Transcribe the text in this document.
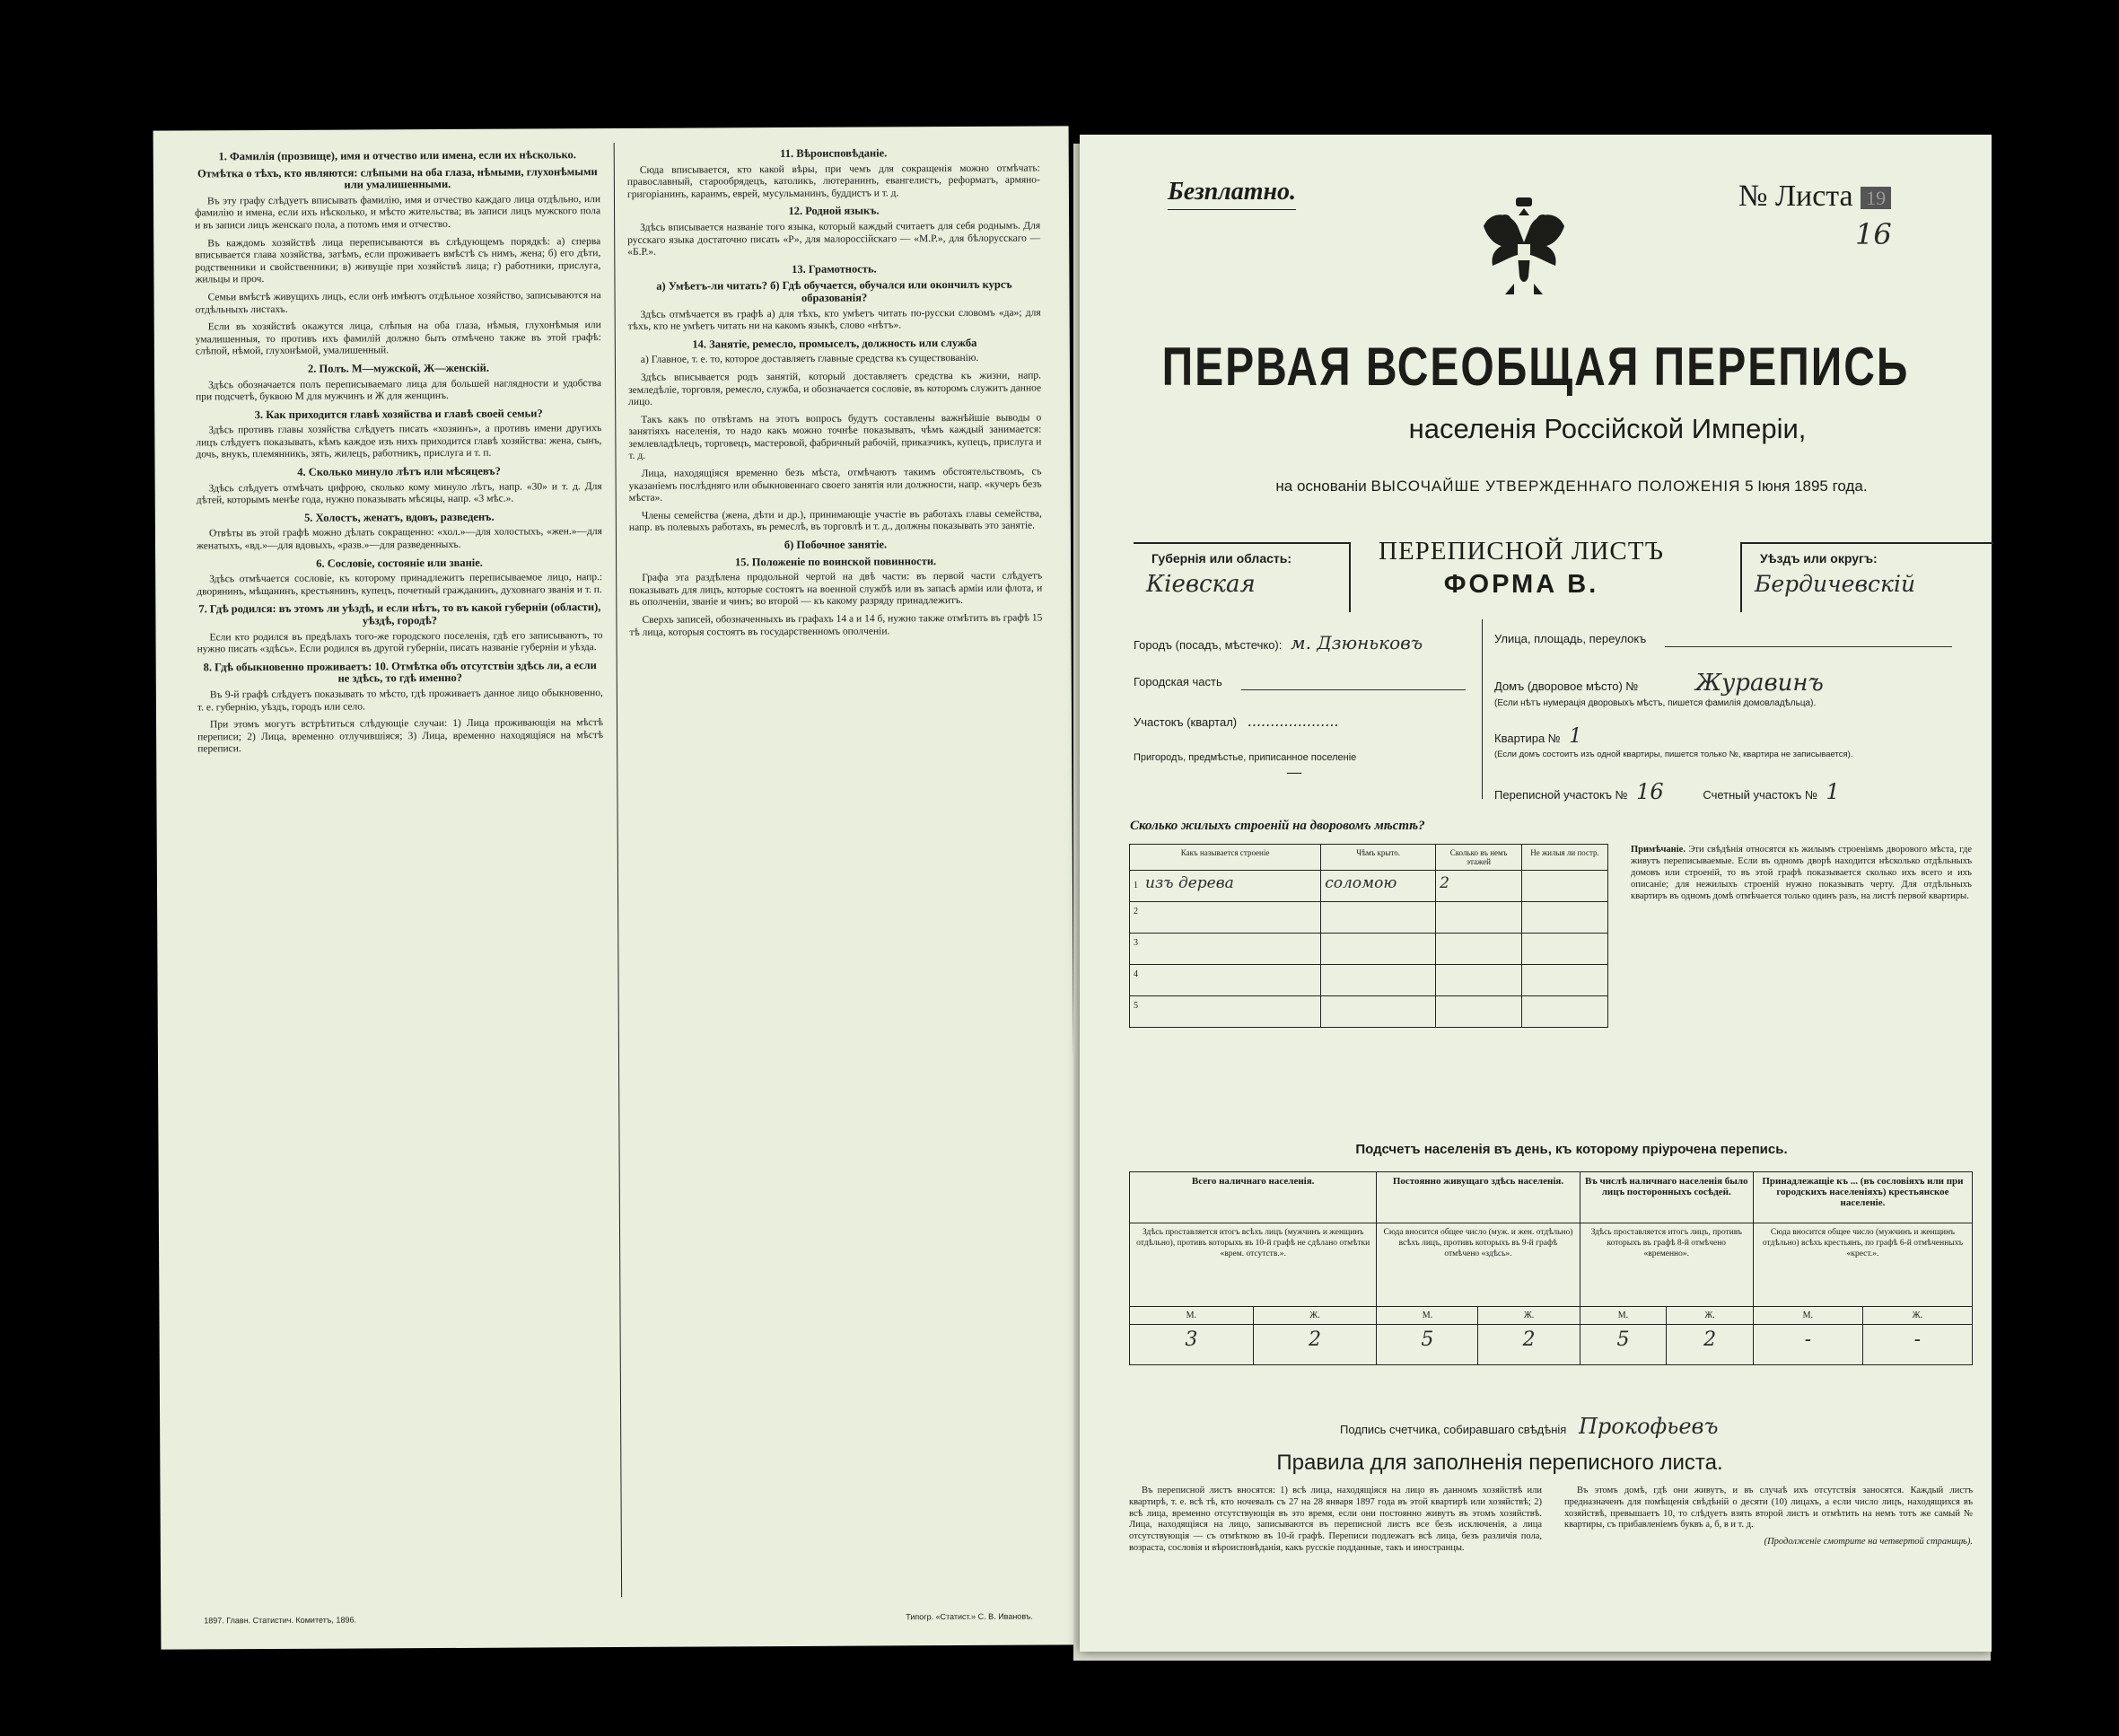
1. Фамилія (прозвище), имя и отчество или имена, если их нѣсколько.
Отмѣтка о тѣхъ, кто являются: слѣпыми на оба глаза, нѣмыми, глухонѣмыми или умалишенными.

Въ эту графу слѣдуетъ вписывать фамилію, имя и отчество каждаго лица отдѣльно, или фамилію и имена, если ихъ нѣсколько, и мѣсто жительства; въ записи лицъ мужского пола и въ записи лицъ женскаго пола, а потомъ имя и отчество.

Въ каждомъ хозяйствѣ лица переписываются въ слѣдующемъ порядкѣ: а) сперва вписывается глава хозяйства, затѣмъ, если проживаетъ вмѣстѣ съ нимъ, жена; б) его дѣти, родственники и свойственники; в) живущіе при хозяйствѣ лица; г) работники, прислуга, жильцы и проч.

Семьи вмѣстѣ живущихъ лицъ, если онѣ имѣютъ отдѣльное хозяйство, записываются на отдѣльныхъ листахъ.

Если въ хозяйствѣ окажутся лица, слѣпыя на оба глаза, нѣмыя, глухонѣмыя или умалишенныя, то противъ ихъ фамилій должно быть отмѣчено также въ этой графѣ: слѣпой, нѣмой, глухонѣмой, умалишенный.

2. Полъ. М—мужской, Ж—женскій.

Здѣсь обозначается полъ переписываемаго лица для большей наглядности и удобства при подсчетѣ, буквою М для мужчинъ и Ж для женщинъ.

3. Как приходится главѣ хозяйства и главѣ своей семьи?

Здѣсь противъ главы хозяйства слѣдуетъ писать «хозяинъ», а противъ имени другихъ лицъ слѣдуетъ показывать, кѣмъ каждое изъ нихъ приходится главѣ хозяйства: жена, сынъ, дочь, внукъ, племянникъ, зять, жилецъ, работникъ, прислуга и т. п.

4. Сколько минуло лѣтъ или мѣсяцевъ?

Здѣсь слѣдуетъ отмѣчать цифрою, сколько кому минуло лѣтъ, напр. «30» и т. д. Для дѣтей, которымъ менѣе года, нужно показывать мѣсяцы, напр. «3 мѣс.».

5. Холостъ, женатъ, вдовъ, разведенъ.

Отвѣты въ этой графѣ можно дѣлать сокращенно: «хол.»—для холостыхъ, «жен.»—для женатыхъ, «вд.»—для вдовыхъ, «разв.»—для разведенныхъ.

6. Сословіе, состояніе или званіе.

Здѣсь отмѣчается сословіе, къ которому принадлежитъ переписываемое лицо, напр.: дворянинъ, мѣщанинъ, крестьянинъ, купецъ, почетный гражданинъ, духовнаго званія и т. п.

7. Гдѣ родился: въ этомъ ли уѣздѣ, и если нѣтъ, то въ какой губерніи (области), уѣздѣ, городѣ?

Если кто родился въ предѣлахъ того-же городского поселенія, гдѣ его записываютъ, то нужно писать «здѣсь». Если родился въ другой губерніи, писать названіе губерніи и уѣзда.

8. Гдѣ обыкновенно проживаетъ: 10. Отмѣтка объ отсутствіи здѣсь ли, а если не здѣсь, то гдѣ именно?

Въ 9-й графѣ слѣдуетъ показывать то мѣсто, гдѣ проживаетъ данное лицо обыкновенно, т. е. губернію, уѣздъ, городъ или село.

При этомъ могутъ встрѣтиться слѣдующіе случаи: 1) Лица проживающія на мѣстѣ переписи; 2) Лица, временно отлучившіяся; 3) Лица, временно находящіяся на мѣстѣ переписи.

11. Вѣроисповѣданіе.

Сюда вписывается, кто какой вѣры, при чемъ для сокращенія можно отмѣчать: православный, старообрядецъ, католикъ, лютеранинъ, евангелистъ, реформатъ, армяно-григоріанинъ, караимъ, еврей, мусульманинъ, буддистъ и т. д.

12. Родной языкъ.

Здѣсь вписывается названіе того языка, который каждый считаетъ для себя роднымъ. Для русскаго языка достаточно писать «Р», для малороссійскаго — «М.Р.», для бѣлорусскаго — «Б.Р.».

13. Грамотность.
а) Умѣетъ-ли читать? б) Гдѣ обучается, обучался или окончилъ курсъ образованія?

Здѣсь отмѣчается въ графѣ а) для тѣхъ, кто умѣетъ читать по-русски словомъ «да»; для тѣхъ, кто не умѣетъ читать ни на какомъ языкѣ, слово «нѣтъ».

14. Занятіе, ремесло, промыселъ, должность или служба

а) Главное, т. е. то, которое доставляетъ главные средства къ существованію.

Здѣсь вписывается родъ занятій, который доставляетъ средства къ жизни, напр. земледѣліе, торговля, ремесло, служба, и обозначается сословіе, въ которомъ служитъ данное лицо.

Такъ какъ по отвѣтамъ на этотъ вопросъ будутъ составлены важнѣйшіе выводы о занятіяхъ населенія, то надо какъ можно точнѣе показывать, чѣмъ каждый занимается: землевладѣлецъ, торговецъ, мастеровой, фабричный рабочій, приказчикъ, купецъ, прислуга и т. д.

Лица, находящіяся временно безъ мѣста, отмѣчаютъ такимъ обстоятельствомъ, съ указаніемъ послѣдняго или обыкновеннаго своего занятія или должности, напр. «кучеръ безъ мѣста».

Члены семейства (жена, дѣти и др.), принимающіе участіе въ работахъ главы семейства, напр. въ полевыхъ работахъ, въ ремеслѣ, въ торговлѣ и т. д., должны показывать это занятіе.

б) Побочное занятіе.
15. Положеніе по воинской повинности.

Графа эта раздѣлена продольной чертой на двѣ части: въ первой части слѣдуетъ показывать для лицъ, которые состоятъ на военной службѣ или въ запасѣ арміи или флота, и въ ополченіи, званіе и чинъ; во второй — къ какому разряду принадлежитъ.

Сверхъ записей, обозначенныхъ въ графахъ 14 а и 14 б, нужно также отмѣтить въ графѣ 15 тѣ лица, которыя состоятъ въ государственномъ ополченіи.

1897. Главн. Статистич. Комитетъ, 1896.	Типогр. «Статист.» С. В. Ивановъ.
Безплатно.	№ Листа 19
16
ПЕРВАЯ ВСЕОБЩАЯ ПЕРЕПИСЬ
населенія Россійской Имперіи,
на основаніи ВЫСОЧАЙШЕ УТВЕРЖДЕННАГО ПОЛОЖЕНІЯ 5 Іюня 1895 года.
Губернія или область:
Кіевская
ПЕРЕПИСНОЙ ЛИСТЪ
ФОРМА В.
Уѣздъ или округъ:
Бердичевскій
Городъ (посадъ, мѣстечко): м. Дзюньковъ
Городская часть
Участокъ (квартал) ....................
Пригородъ, предмѣстье, приписанное поселеніе
—
Улица, площадь, переулокъ
Домъ (дворовое мѣсто) № Журавинъ
(Если нѣтъ нумерація дворовыхъ мѣстъ, пишется фамилія домовладѣльца).
Квартира № 1
(Если домъ состоитъ изъ одной квартиры, пишется только №, квартира не записывается).
Переписной участокъ № 16	Счетный участокъ № 1
Сколько жилыхъ строеній на дворовомъ мѣстѣ?
Какъ называется строеніе	Чѣмъ крыто.	Сколько въ немъ этажей	Не жилыя ли постр.
1 изъ дерева	соломою	2	
2			
3			
4			
5			
Примѣчаніе. Эти свѣдѣнія относятся къ жилымъ строеніямъ дворового мѣста, где живутъ переписываемые. Если въ одномъ дворѣ находится нѣсколько отдѣльныхъ домовъ или строеній, то въ этой графѣ показывается сколько ихъ всего и ихъ описаніе; для нежилыхъ строеній нужно показывать черту. Для отдѣльныхъ квартиръ въ одномъ домѣ отмѣчается только одинъ разъ, на листѣ первой квартиры.
Подсчетъ населенія въ день, къ которому пріурочена перепись.
Всего наличнаго населенія.		Постоянно живущаго здѣсь населенія.		Въ числѣ наличнаго населенія было лицъ посторонныхъ сосѣдей.		Принадлежащіе къ ... (въ сословіяхъ или при городскихъ населеніяхъ) крестьянское населеніе.	
Здѣсь проставляется итогъ всѣхъ лицъ (мужчинъ и женщинъ отдѣльно), противъ которыхъ въ 10-й графѣ не сдѣлано отмѣтки «врем. отсутств.».		Сюда вносится общее число (муж. и жен. отдѣльно) всѣхъ лицъ, противъ которыхъ въ 9-й графѣ отмѣчено «здѣсь».		Здѣсь проставляется итогъ лицъ, противъ которыхъ въ графѣ 8-й отмѣчено «временно».		Сюда вносится общее число (мужчинъ и женщинъ отдѣльно) всѣхъ крестьянъ, по графѣ 6-й отмѣченныхъ «крест.».	
М.	Ж.	М.	Ж.	М.	Ж.	М.	Ж.
3	2	5	2	5	2	-	-
Подпись счетчика, собиравшаго свѣдѣнія Прокофьевъ
Правила для заполненія переписного листа.

Въ переписной листъ вносятся: 1) всѣ лица, находящіяся на лицо въ данномъ хозяйствѣ или квартирѣ, т. е. всѣ тѣ, кто ночевалъ съ 27 на 28 января 1897 года въ этой квартирѣ или хозяйствѣ; 2) всѣ лица, временно отсутствующія въ это время, если они постоянно живутъ въ этомъ хозяйствѣ. Лица, находящіяся на лицо, записываются въ переписной листъ все безъ исключенія, а лица отсутствующія — съ отмѣткою въ 10-й графѣ. Переписи подлежатъ всѣ лица, безъ различія пола, возраста, сословія и вѣроисповѣданія, какъ русскіе подданные, такъ и иностранцы.

Въ этомъ домѣ, гдѣ они живутъ, и въ случаѣ ихъ отсутствія заносятся. Каждый листъ предназначенъ для помѣщенія свѣдѣній о десяти (10) лицахъ, а если число лицъ, находящихся въ хозяйствѣ, превышаетъ 10, то слѣдуетъ взять второй листъ и отмѣтить на немъ тотъ же самый № квартиры, съ прибавленіемъ буквъ а, б, в и т. д.

(Продолженіе смотрите на четвертой страницѣ).
